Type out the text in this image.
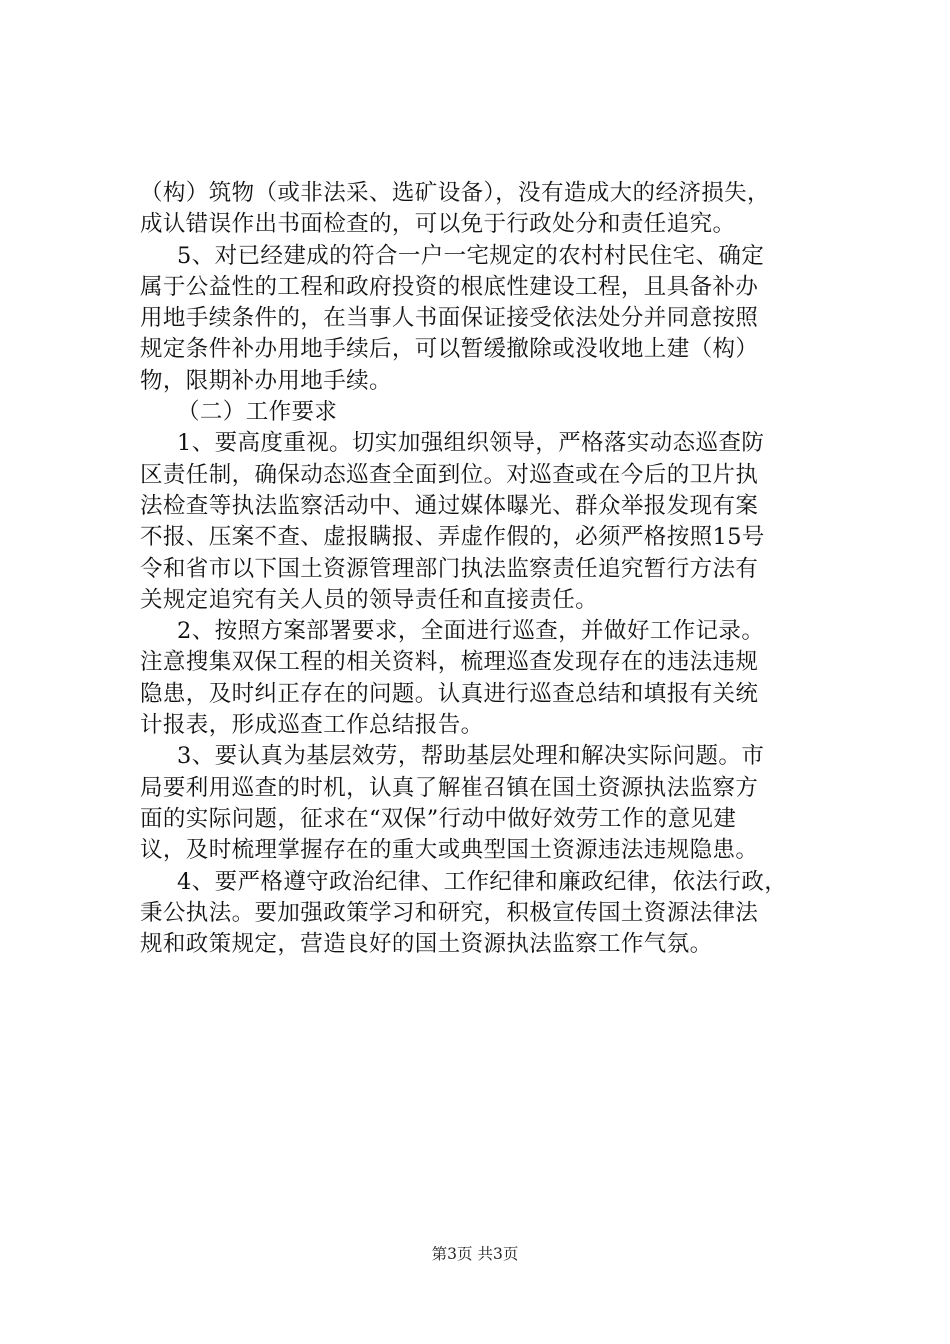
（构）筑物（或非法采、选矿设备），没有造成大的经济损失，
成认错误作出书面检查的，可以免于行政处分和责任追究。
5、对已经建成的符合一户一宅规定的农村村民住宅、确定
属于公益性的工程和政府投资的根底性建设工程，且具备补办
用地手续条件的，在当事人书面保证接受依法处分并同意按照
规定条件补办用地手续后，可以暂缓撤除或没收地上建（构）
物，限期补办用地手续。
（二）工作要求
1、要高度重视。切实加强组织领导，严格落实动态巡查防
区责任制，确保动态巡查全面到位。对巡查或在今后的卫片执
法检查等执法监察活动中、通过媒体曝光、群众举报发现有案
不报、压案不查、虚报瞒报、弄虚作假的，必须严格按照15号
令和省市以下国土资源管理部门执法监察责任追究暂行方法有
关规定追究有关人员的领导责任和直接责任。
2、按照方案部署要求，全面进行巡查，并做好工作记录。
注意搜集双保工程的相关资料，梳理巡查发现存在的违法违规
隐患，及时纠正存在的问题。认真进行巡查总结和填报有关统
计报表，形成巡查工作总结报告。
3、要认真为基层效劳，帮助基层处理和解决实际问题。市
局要利用巡查的时机，认真了解崔召镇在国土资源执法监察方
面的实际问题，征求在“双保”行动中做好效劳工作的意见建
议，及时梳理掌握存在的重大或典型国土资源违法违规隐患。
4、要严格遵守政治纪律、工作纪律和廉政纪律，依法行政，
秉公执法。要加强政策学习和研究，积极宣传国土资源法律法
规和政策规定，营造良好的国土资源执法监察工作气氛。
第3页 共3页
